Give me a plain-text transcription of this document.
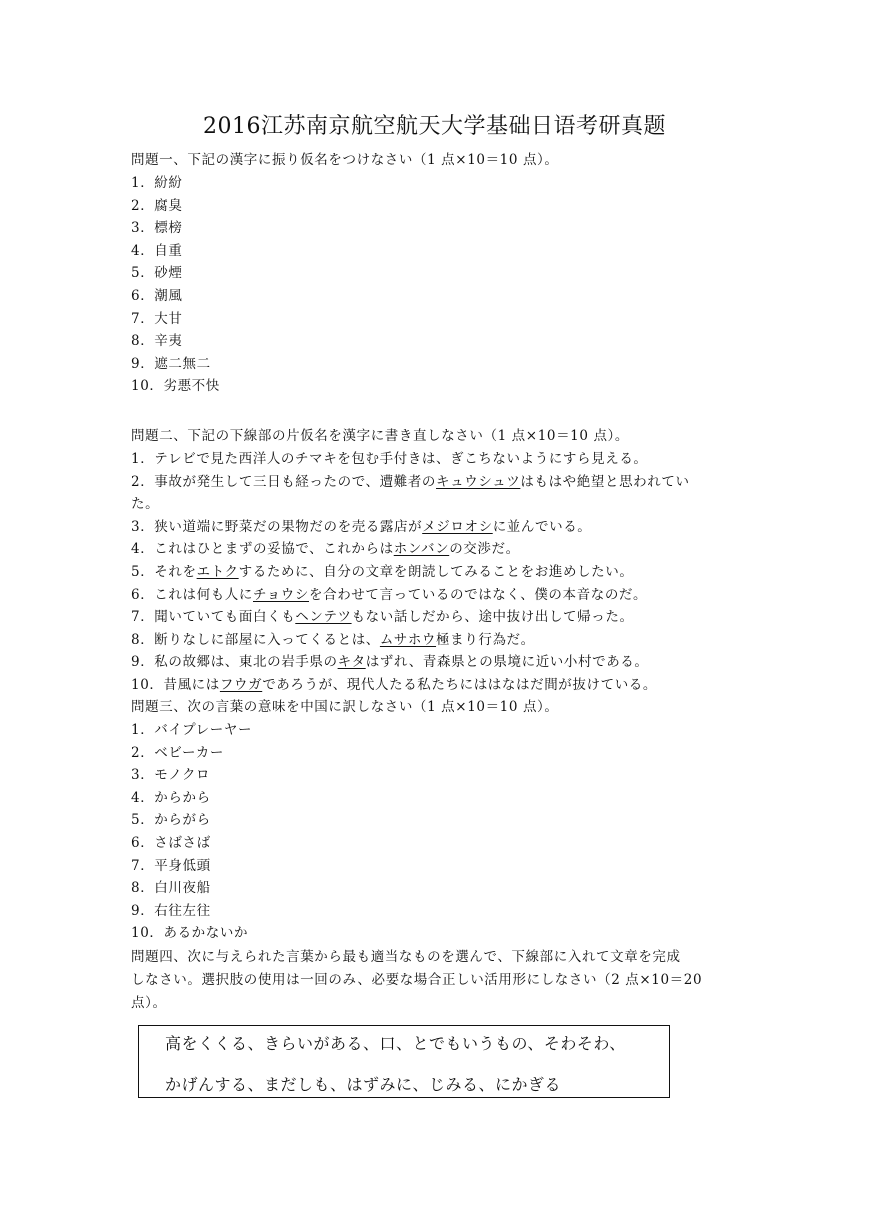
2016江苏南京航空航天大学基础日语考研真题
問題一、下記の漢字に振り仮名をつけなさい（1 点×10＝10 点）。
1．紛紛
2．腐臭
3．標榜
4．自重
5．砂煙
6．潮風
7．大甘
8．辛夷
9．遮二無二
10．劣悪不快
問題二、下記の下線部の片仮名を漢字に書き直しなさい（1 点×10＝10 点）。
1．テレビで見た西洋人のチマキを包む手付きは、ぎこちないようにすら見える。
2．事故が発生して三日も経ったので、遭難者のキュウシュツはもはや絶望と思われてい
た。
3．狭い道端に野菜だの果物だのを売る露店がメジロオシに並んでいる。
4．これはひとまずの妥協で、これからはホンバンの交渉だ。
5．それをエトクするために、自分の文章を朗読してみることをお進めしたい。
6．これは何も人にチョウシを合わせて言っているのではなく、僕の本音なのだ。
7．聞いていても面白くもヘンテツもない話しだから、途中抜け出して帰った。
8．断りなしに部屋に入ってくるとは、ムサホウ極まり行為だ。
9．私の故郷は、東北の岩手県のキタはずれ、青森県との県境に近い小村である。
10．昔風にはフウガであろうが、現代人たる私たちにははなはだ間が抜けている。
問題三、次の言葉の意味を中国に訳しなさい（1 点×10＝10 点）。
1．バイプレーヤー
2．ベビーカー
3．モノクロ
4．からから
5．からがら
6．さばさば
7．平身低頭
8．白川夜船
9．右往左往
10．あるかないか
問題四、次に与えられた言葉から最も適当なものを選んで、下線部に入れて文章を完成
しなさい。選択肢の使用は一回のみ、必要な場合正しい活用形にしなさい（2 点×10＝20
点）。
高をくくる、きらいがある、口、とでもいうもの、そわそわ、
かげんする、まだしも、はずみに、じみる、にかぎる
